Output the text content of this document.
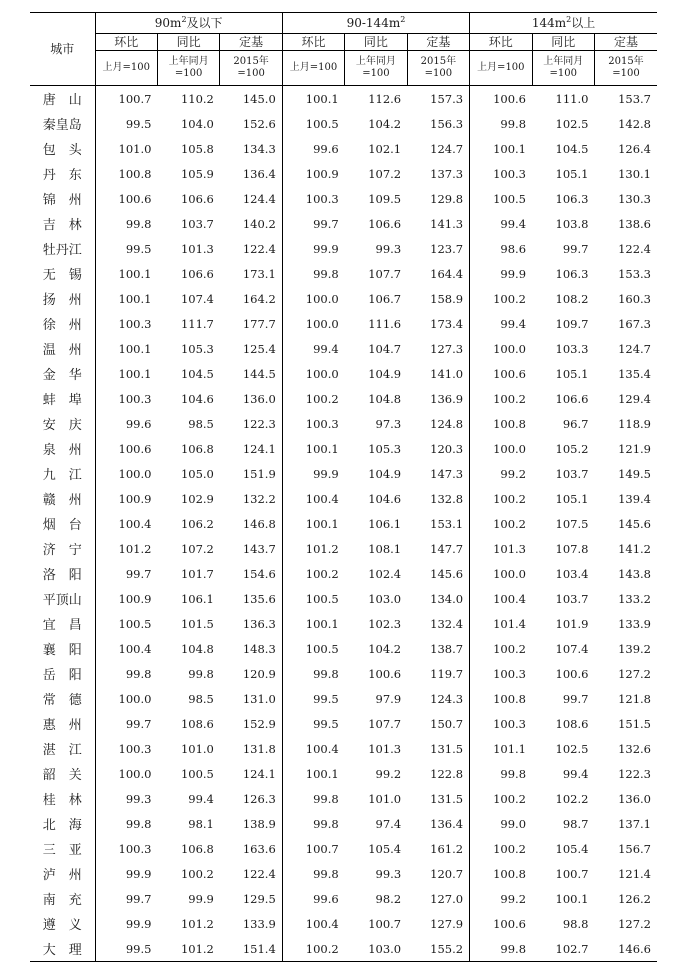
城市	$90m^2$及以下			$90-144m^2$			$144m^2$以上		
	环比	同比	定基	环比	同比	定基	环比	同比	定基
	上月=100	上年同月=100	2015年=100	上月=100	上年同月=100	2015年=100	上月=100	上年同月=100	2015年=100
唐　山	100.7	110.2	145.0	100.1	112.6	157.3	100.6	111.0	153.7
秦皇岛	99.5	104.0	152.6	100.5	104.2	156.3	99.8	102.5	142.8
包　头	101.0	105.8	134.3	99.6	102.1	124.7	100.1	104.5	126.4
丹　东	100.8	105.9	136.4	100.9	107.2	137.3	100.3	105.1	130.1
锦　州	100.6	106.6	124.4	100.3	109.5	129.8	100.5	106.3	130.3
吉　林	99.8	103.7	140.2	99.7	106.6	141.3	99.4	103.8	138.6
牡丹江	99.5	101.3	122.4	99.9	99.3	123.7	98.6	99.7	122.4
无　锡	100.1	106.6	173.1	99.8	107.7	164.4	99.9	106.3	153.3
扬　州	100.1	107.4	164.2	100.0	106.7	158.9	100.2	108.2	160.3
徐　州	100.3	111.7	177.7	100.0	111.6	173.4	99.4	109.7	167.3
温　州	100.1	105.3	125.4	99.4	104.7	127.3	100.0	103.3	124.7
金　华	100.1	104.5	144.5	100.0	104.9	141.0	100.6	105.1	135.4
蚌　埠	100.3	104.6	136.0	100.2	104.8	136.9	100.2	106.6	129.4
安　庆	99.6	98.5	122.3	100.3	97.3	124.8	100.8	96.7	118.9
泉　州	100.6	106.8	124.1	100.1	105.3	120.3	100.0	105.2	121.9
九　江	100.0	105.0	151.9	99.9	104.9	147.3	99.2	103.7	149.5
赣　州	100.9	102.9	132.2	100.4	104.6	132.8	100.2	105.1	139.4
烟　台	100.4	106.2	146.8	100.1	106.1	153.1	100.2	107.5	145.6
济　宁	101.2	107.2	143.7	101.2	108.1	147.7	101.3	107.8	141.2
洛　阳	99.7	101.7	154.6	100.2	102.4	145.6	100.0	103.4	143.8
平顶山	100.9	106.1	135.6	100.5	103.0	134.0	100.4	103.7	133.2
宜　昌	100.5	101.5	136.3	100.1	102.3	132.4	101.4	101.9	133.9
襄　阳	100.4	104.8	148.3	100.5	104.2	138.7	100.2	107.4	139.2
岳　阳	99.8	99.8	120.9	99.8	100.6	119.7	100.3	100.6	127.2
常　德	100.0	98.5	131.0	99.5	97.9	124.3	100.8	99.7	121.8
惠　州	99.7	108.6	152.9	99.5	107.7	150.7	100.3	108.6	151.5
湛　江	100.3	101.0	131.8	100.4	101.3	131.5	101.1	102.5	132.6
韶　关	100.0	100.5	124.1	100.1	99.2	122.8	99.8	99.4	122.3
桂　林	99.3	99.4	126.3	99.8	101.0	131.5	100.2	102.2	136.0
北　海	99.8	98.1	138.9	99.8	97.4	136.4	99.0	98.7	137.1
三　亚	100.3	106.8	163.6	100.7	105.4	161.2	100.2	105.4	156.7
泸　州	99.9	100.2	122.4	99.8	99.3	120.7	100.8	100.7	121.4
南　充	99.7	99.9	129.5	99.6	98.2	127.0	99.2	100.1	126.2
遵　义	99.9	101.2	133.9	100.4	100.7	127.9	100.6	98.8	127.2
大　理	99.5	101.2	151.4	100.2	103.0	155.2	99.8	102.7	146.6
